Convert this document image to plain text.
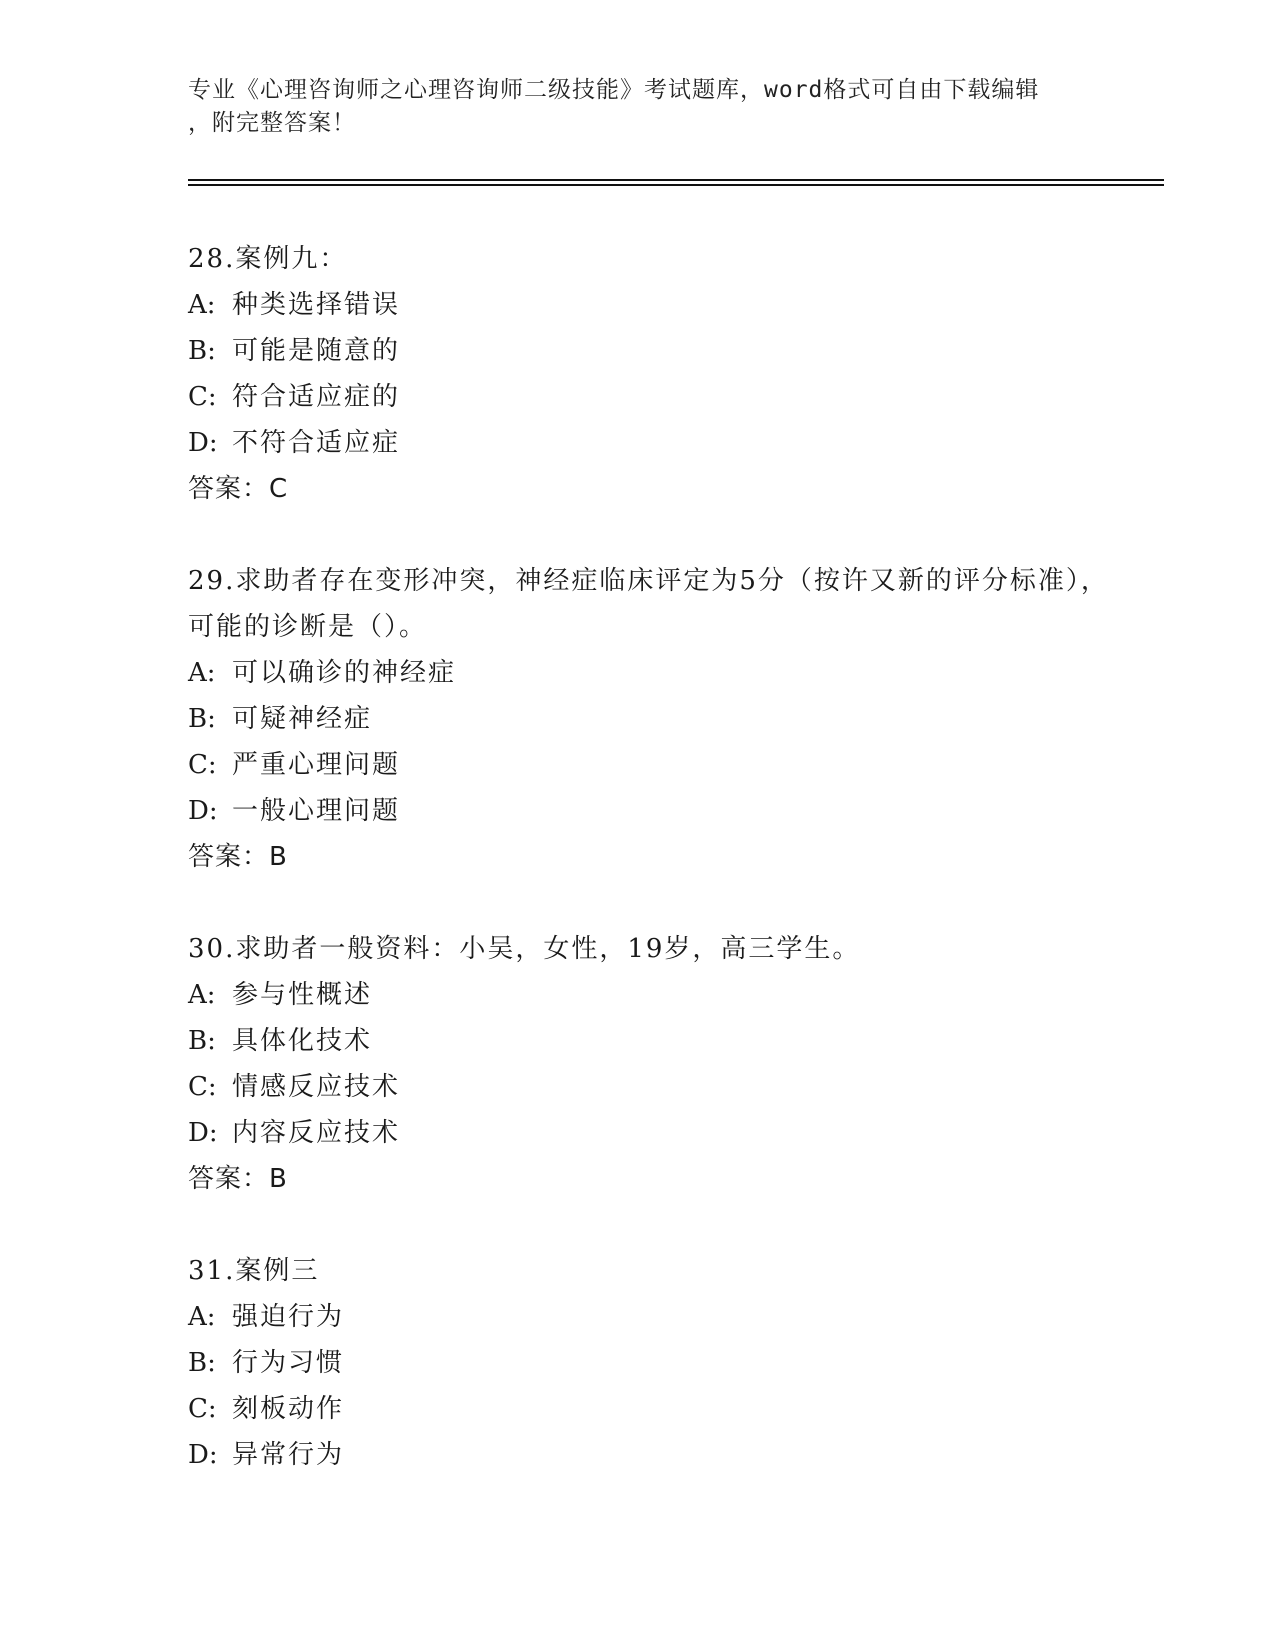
专业《心理咨询师之心理咨询师二级技能》考试题库，word格式可自由下载编辑
，附完整答案！
28.案例九：
A: 种类选择错误
B: 可能是随意的
C: 符合适应症的
D: 不符合适应症
答案：C
29.求助者存在变形冲突，神经症临床评定为5分（按许又新的评分标准），可能的诊断是（）。
A: 可以确诊的神经症
B: 可疑神经症
C: 严重心理问题
D: 一般心理问题
答案：B
30.求助者一般资料：小吴，女性，19岁，高三学生。
A: 参与性概述
B: 具体化技术
C: 情感反应技术
D: 内容反应技术
答案：B
31.案例三
A: 强迫行为
B: 行为习惯
C: 刻板动作
D: 异常行为
